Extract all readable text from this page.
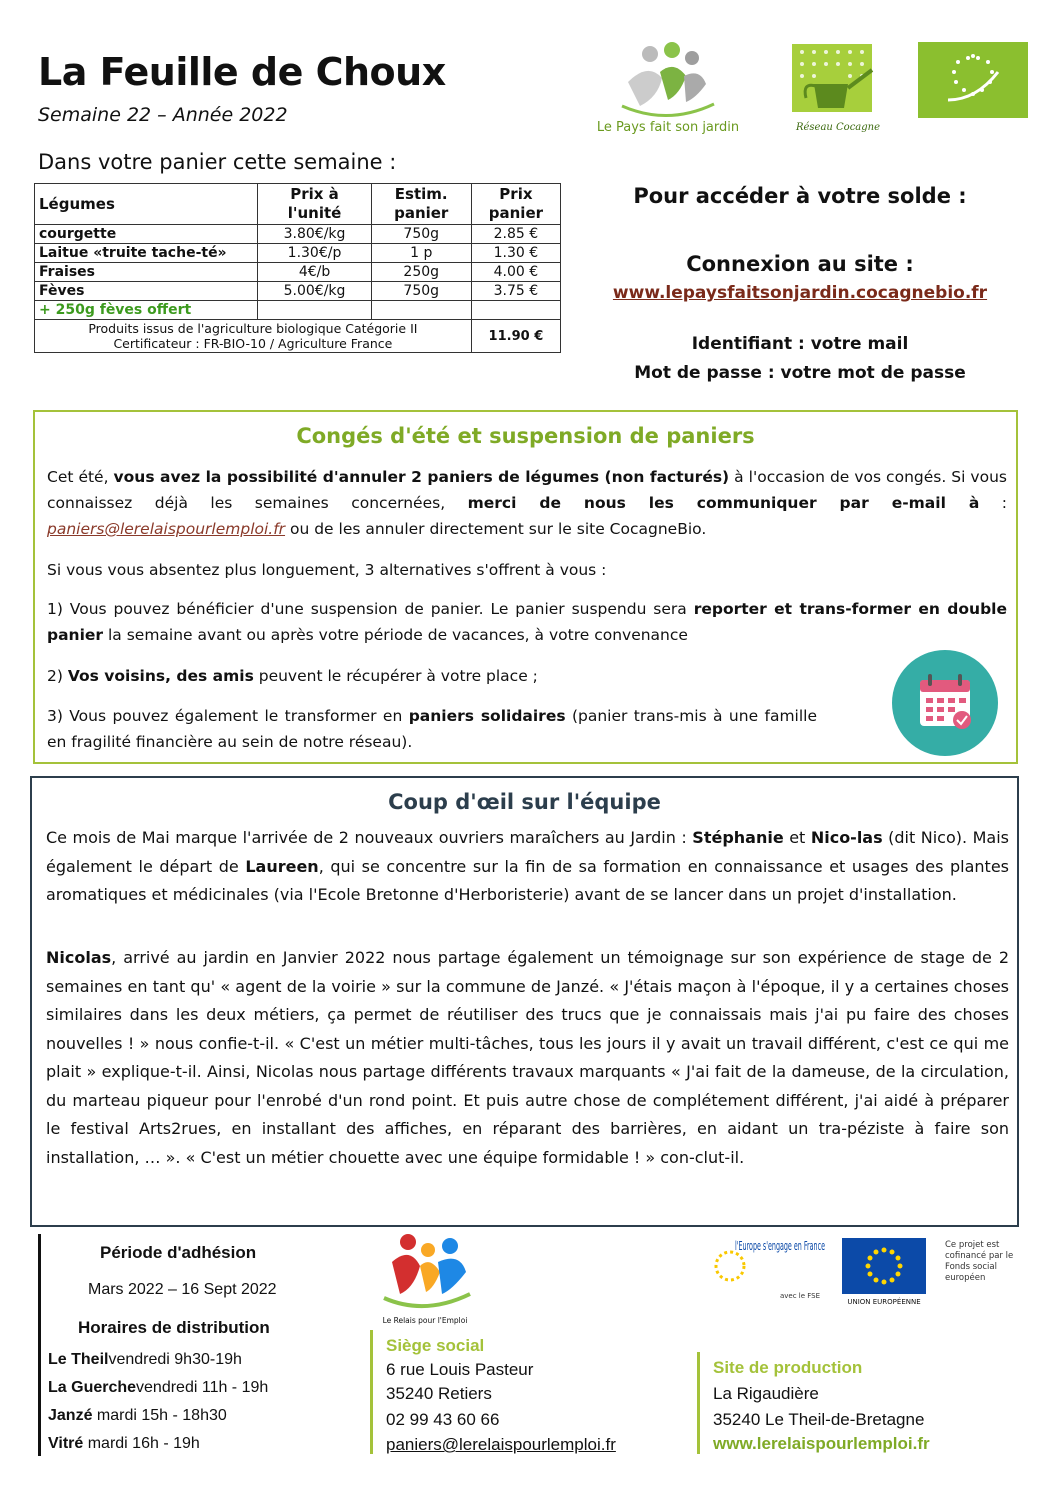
La Feuille de Choux
Semaine 22 – Année 2022
Dans votre panier cette semaine :
Le Pays fait son jardin	Réseau Cocagne
Légumes	Prix à l'unité	Estim. panier	Prix panier
courgette	3.80€/kg	750g	2.85 €
Laitue «truite tache-té»	1.30€/p	1 p	1.30 €
Fraises	4€/b	250g	4.00 €
Fèves	5.00€/kg	750g	3.75 €
+ 250g fèves offert			

Produits issus de l'agriculture biologique Catégorie II
Certificateur : FR-BIO-10 / Agriculture France			11.90 €
Pour accéder à votre solde :
Connexion au site :
www.lepaysfaitsonjardin.cocagnebio.fr
Identifiant : votre mail
Mot de passe : votre mot de passe
Congés d'été et suspension de paniers
Cet été, vous avez la possibilité d'annuler 2 paniers de légumes (non facturés) à l'occasion de vos congés. Si vous connaissez déjà les semaines concernées, merci de nous les communiquer par e-mail à : paniers@lerelaispourlemploi.fr ou de les annuler directement sur le site CocagneBio.
Si vous vous absentez plus longuement, 3 alternatives s'offrent à vous :
1) Vous pouvez bénéficier d'une suspension de panier. Le panier suspendu sera reporter et trans-former en double panier la semaine avant ou après votre période de vacances, à votre convenance
2) Vos voisins, des amis peuvent le récupérer à votre place ;
3) Vous pouvez également le transformer en paniers solidaires (panier trans-mis à une famille en fragilité financière au sein de notre réseau).
Coup d'œil sur l'équipe
Ce mois de Mai marque l'arrivée de 2 nouveaux ouvriers maraîchers au Jardin : Stéphanie et Nico-las (dit Nico). Mais également le départ de Laureen, qui se concentre sur la fin de sa formation en connaissance et usages des plantes aromatiques et médicinales (via l'Ecole Bretonne d'Herboristerie) avant de se lancer dans un projet d'installation.
Nicolas, arrivé au jardin en Janvier 2022 nous partage également un témoignage sur son expérience de stage de 2 semaines en tant qu' « agent de la voirie » sur la commune de Janzé. « J'étais maçon à l'époque, il y a certaines choses similaires dans les deux métiers, ça permet de réutiliser des trucs que je connaissais mais j'ai pu faire des choses nouvelles ! » nous confie-t-il. « C'est un métier multi-tâches, tous les jours il y avait un travail différent, c'est ce qui me plait » explique-t-il. Ainsi, Nicolas nous partage différents travaux marquants « J'ai fait de la dameuse, de la circulation, du marteau piqueur pour l'enrobé d'un rond point. Et puis autre chose de complétement différent, j'ai aidé à préparer le festival Arts2rues, en installant des affiches, en réparant des barrières, en aidant un tra-péziste à faire son installation, … ». « C'est un métier chouette avec une équipe formidable ! » con-clut-il.
Période d'adhésion
Mars 2022 – 16 Sept 2022
Horaires de distribution
Le Theilvendredi 9h30-19h
La Guerchevendredi 11h - 19h
Janzé mardi 15h - 18h30
Vitré mardi 16h - 19h
Le Relais pour l'Emploi
Siège social
6 rue Louis Pasteur
35240 Retiers
02 99 43 60 66
paniers@lerelaispourlemploi.fr
Site de production
La Rigaudière
35240 Le Theil-de-Bretagne
www.lerelaispourlemploi.fr
l'Europe s'engage en France
avec le FSE
UNION EUROPÉENNE
Ce projet est cofinancé par le Fonds social européen
